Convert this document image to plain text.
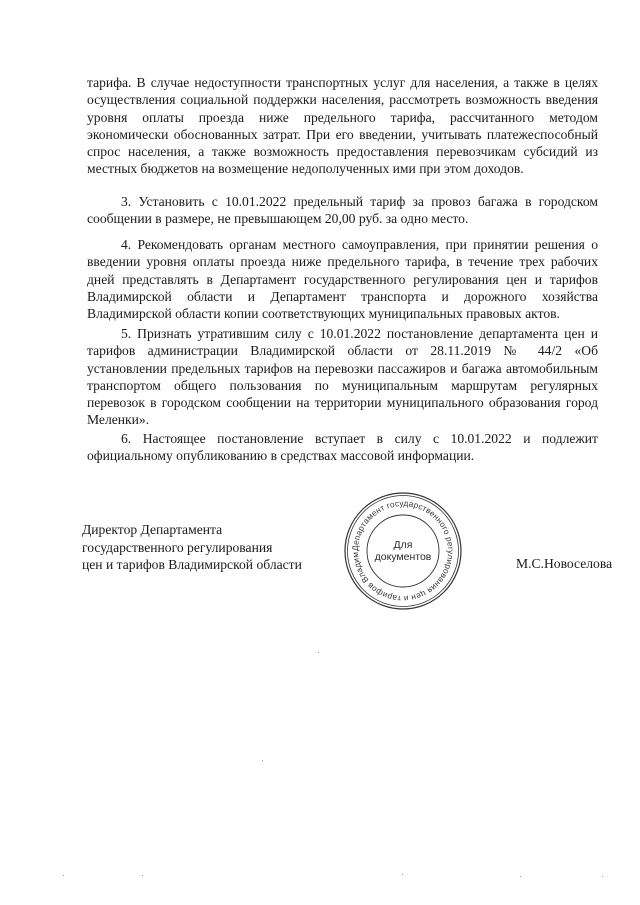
тарифа. В случае недоступности транспортных услуг для населения, а также в целях осуществления социальной поддержки населения, рассмотреть возможность введения уровня оплаты проезда ниже предельного тарифа, рассчитанного методом экономически обоснованных затрат. При его введении, учитывать платежеспособный спрос населения, а также возможность предоставления перевозчикам субсидий из местных бюджетов на возмещение недополученных ими при этом доходов.

3. Установить с 10.01.2022 предельный тариф за провоз багажа в городском сообщении в размере, не превышающем 20,00 руб. за одно место.

4. Рекомендовать органам местного самоуправления, при принятии решения о введении уровня оплаты проезда ниже предельного тарифа, в течение трех рабочих дней представлять в Департамент государственного регулирования цен и тарифов Владимирской области и Департамент транспорта и дорожного хозяйства Владимирской области копии соответствующих муниципальных правовых актов.

5. Признать утратившим силу с 10.01.2022 постановление департамента цен и тарифов администрации Владимирской области от 28.11.2019 № 44/2 «Об установлении предельных тарифов на перевозки пассажиров и багажа автомобильным транспортом общего пользования по муниципальным маршрутам регулярных перевозок в городском сообщении на территории муниципального образования город Меленки».

6. Настоящее постановление вступает в силу с 10.01.2022 и подлежит официальному опубликованию в средствах массовой информации.

Директор Департамента
государственного регулирования
цен и тарифов Владимирской области
Департамент государственного регулирования цен и тарифов Владим
Для
документов	М.С.Новоселова
